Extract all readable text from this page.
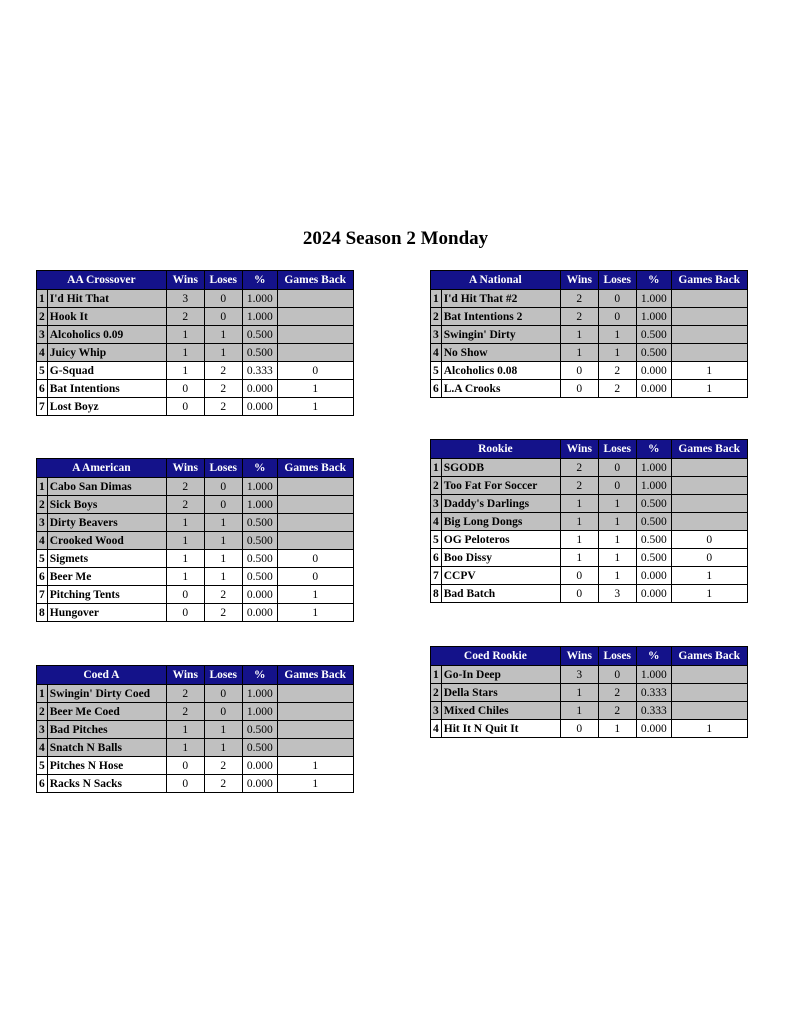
2024 Season 2 Monday
AA Crossover		Wins	Loses	%	Games Back
1	I'd Hit That	3	0	1.000	
2	Hook It	2	0	1.000	
3	Alcoholics 0.09	1	1	0.500	
4	Juicy Whip	1	1	0.500	
5	G-Squad	1	2	0.333	0
6	Bat Intentions	0	2	0.000	1
7	Lost Boyz	0	2	0.000	1
A American		Wins	Loses	%	Games Back
1	Cabo San Dimas	2	0	1.000	
2	Sick Boys	2	0	1.000	
3	Dirty Beavers	1	1	0.500	
4	Crooked Wood	1	1	0.500	
5	Sigmets	1	1	0.500	0
6	Beer Me	1	1	0.500	0
7	Pitching Tents	0	2	0.000	1
8	Hungover	0	2	0.000	1
Coed A		Wins	Loses	%	Games Back
1	Swingin' Dirty Coed	2	0	1.000	
2	Beer Me Coed	2	0	1.000	
3	Bad Pitches	1	1	0.500	
4	Snatch N Balls	1	1	0.500	
5	Pitches N Hose	0	2	0.000	1
6	Racks N Sacks	0	2	0.000	1
A National		Wins	Loses	%	Games Back
1	I'd Hit That #2	2	0	1.000	
2	Bat Intentions 2	2	0	1.000	
3	Swingin' Dirty	1	1	0.500	
4	No Show	1	1	0.500	
5	Alcoholics 0.08	0	2	0.000	1
6	L.A Crooks	0	2	0.000	1
Rookie		Wins	Loses	%	Games Back
1	SGODB	2	0	1.000	
2	Too Fat For Soccer	2	0	1.000	
3	Daddy's Darlings	1	1	0.500	
4	Big Long Dongs	1	1	0.500	
5	OG Peloteros	1	1	0.500	0
6	Boo Dissy	1	1	0.500	0
7	CCPV	0	1	0.000	1
8	Bad Batch	0	3	0.000	1
Coed Rookie		Wins	Loses	%	Games Back
1	Go-In Deep	3	0	1.000	
2	Della Stars	1	2	0.333	
3	Mixed Chiles	1	2	0.333	
4	Hit It N Quit It	0	1	0.000	1
